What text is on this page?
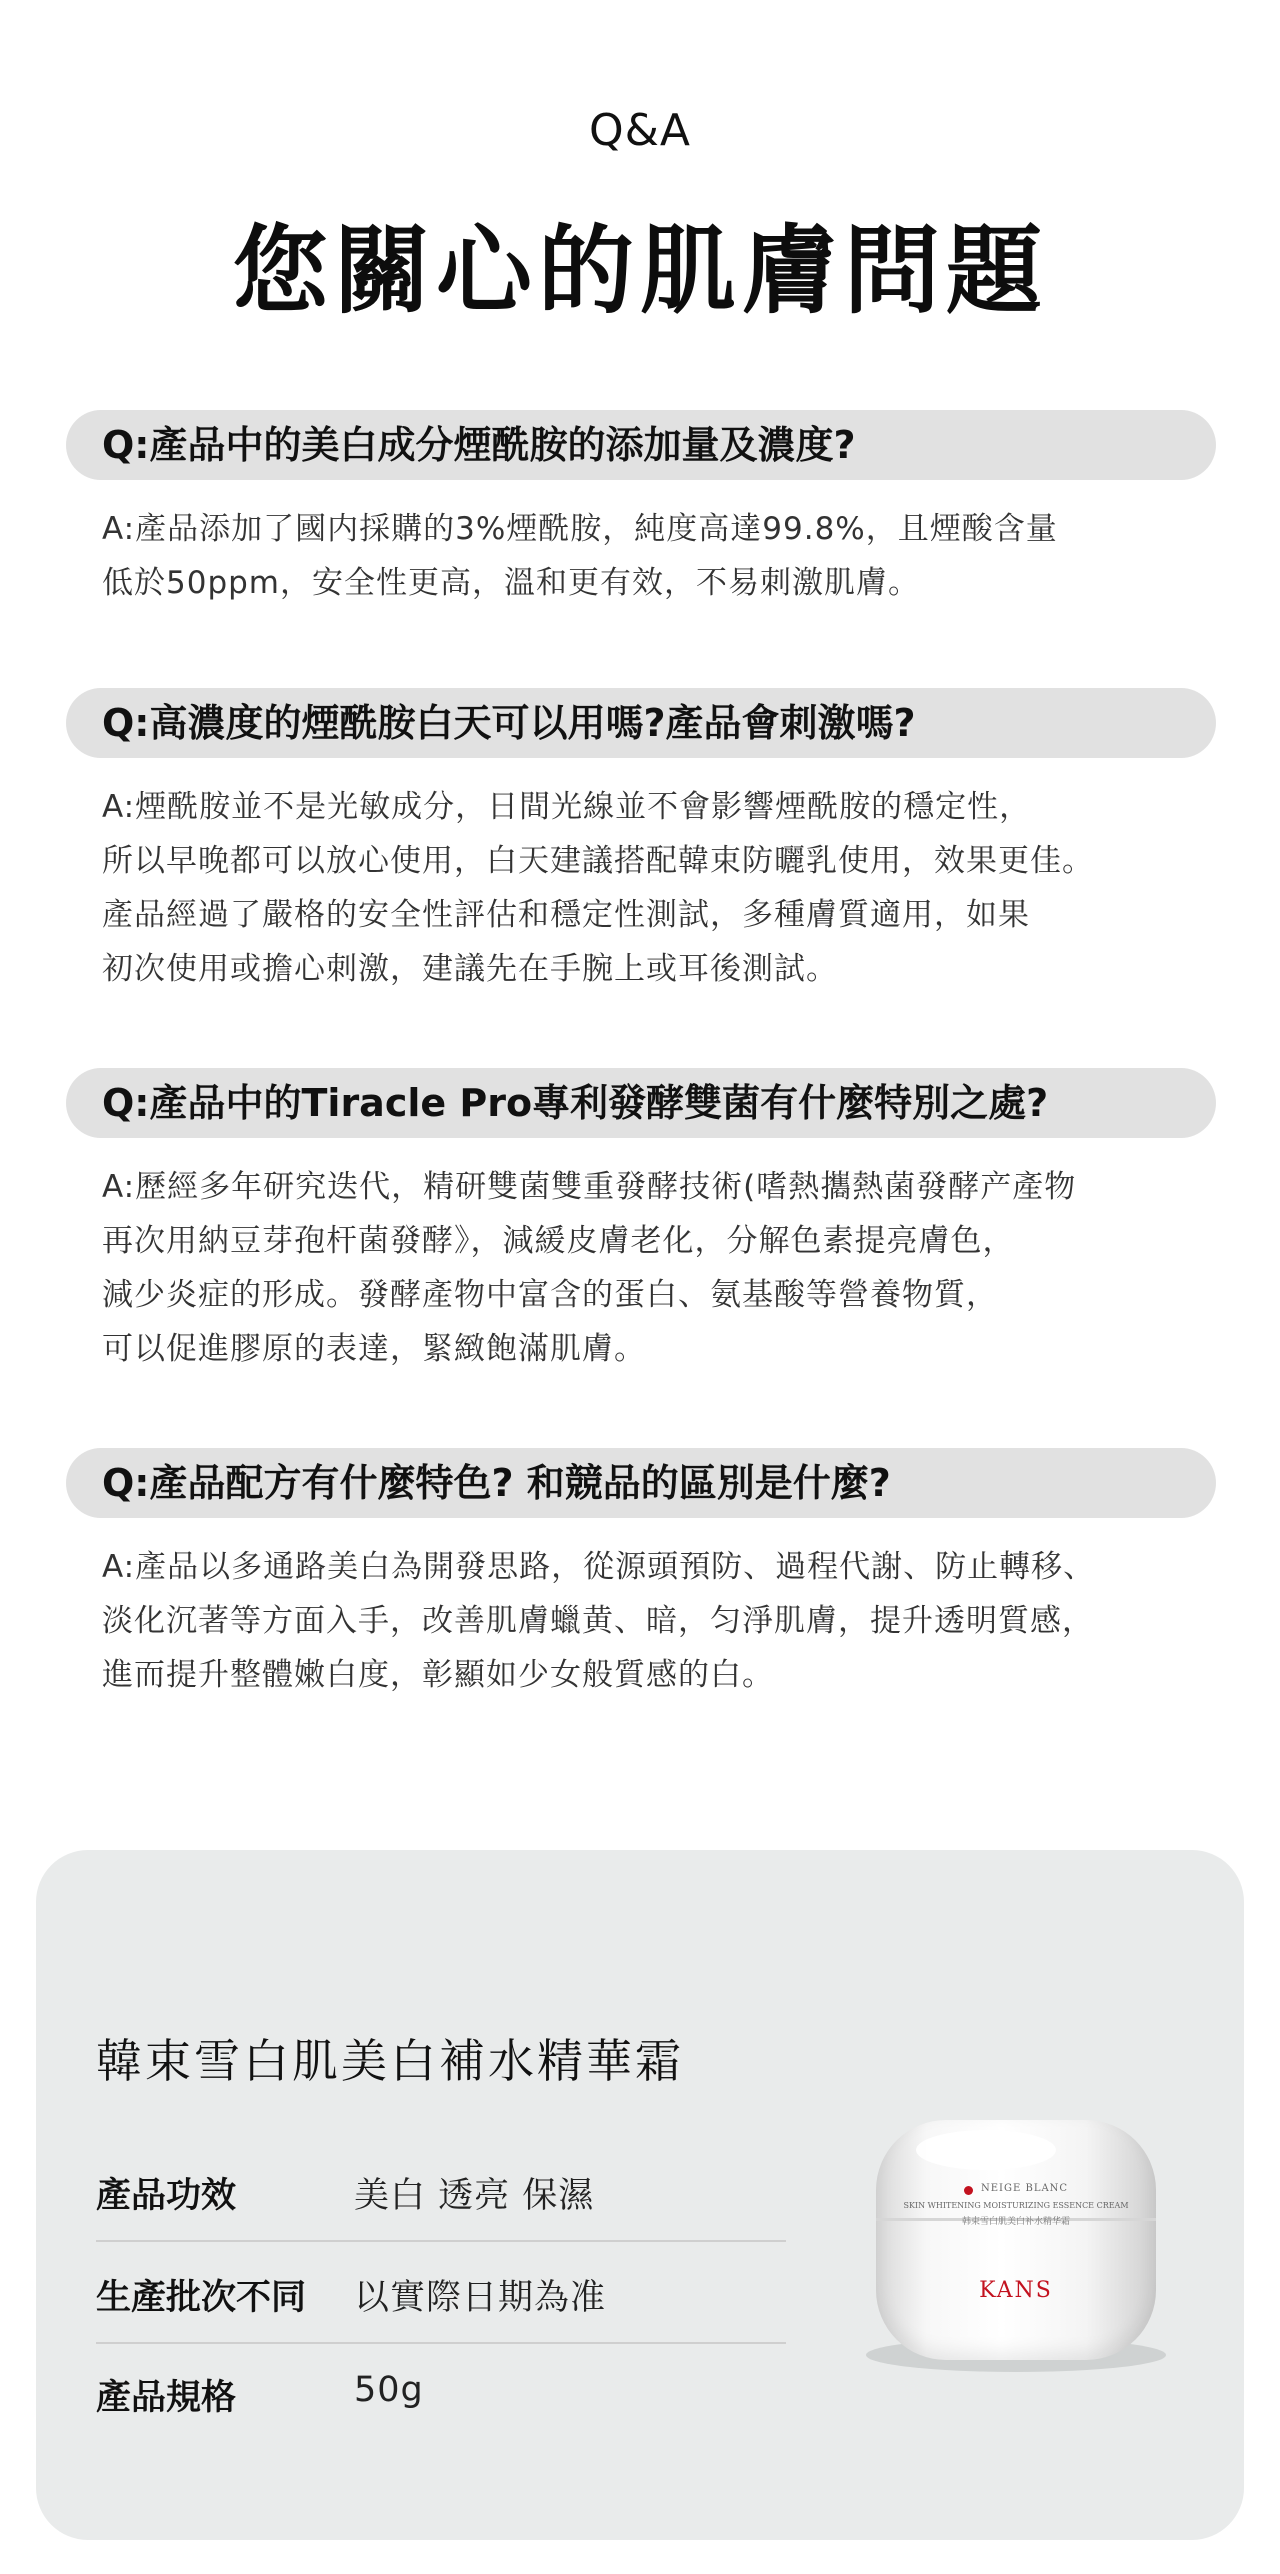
Q&A
您關心的肌膚問題
Q:產品中的美白成分煙酰胺的添加量及濃度?
A:產品添加了國内採購的3%煙酰胺，純度高達99.8%，且煙酸含量
低於50ppm，安全性更高，溫和更有效，不易刺激肌膚。
Q:高濃度的煙酰胺白天可以用嗎?產品會刺激嗎?
A:煙酰胺並不是光敏成分，日間光線並不會影響煙酰胺的穩定性，
所以早晚都可以放心使用，白天建議搭配韓束防曬乳使用，效果更佳。
產品經過了嚴格的安全性評估和穩定性測試，多種膚質適用，如果
初次使用或擔心刺激，建議先在手腕上或耳後測試。
Q:產品中的Tiracle Pro專利發酵雙菌有什麼特別之處?
A:歷經多年研究迭代，精研雙菌雙重發酵技術(嗜熱攜熱菌發酵产產物
再次用納豆芽孢杆菌發酵》，減緩皮膚老化，分解色素提亮膚色，
減少炎症的形成。發酵產物中富含的蛋白、氨基酸等營養物質，
可以促進膠原的表達，緊緻飽滿肌膚。
Q:產品配方有什麼特色? 和競品的區別是什麼?
A:產品以多通路美白為開發思路，從源頭預防、過程代謝、防止轉移、
淡化沉著等方面入手，改善肌膚蠟黄、暗，匀淨肌膚，提升透明質感，
進而提升整體嫩白度，彰顯如少女般質感的白。
韓束雪白肌美白補水精華霜
產品功效	美白 透亮 保濕
生產批次不同 以實際日期為准
產品規格	50g
NEIGE BLANC
SKIN WHITENING MOISTURIZING ESSENCE CREAM
韩束雪白肌美白补水精华霜
KANS
